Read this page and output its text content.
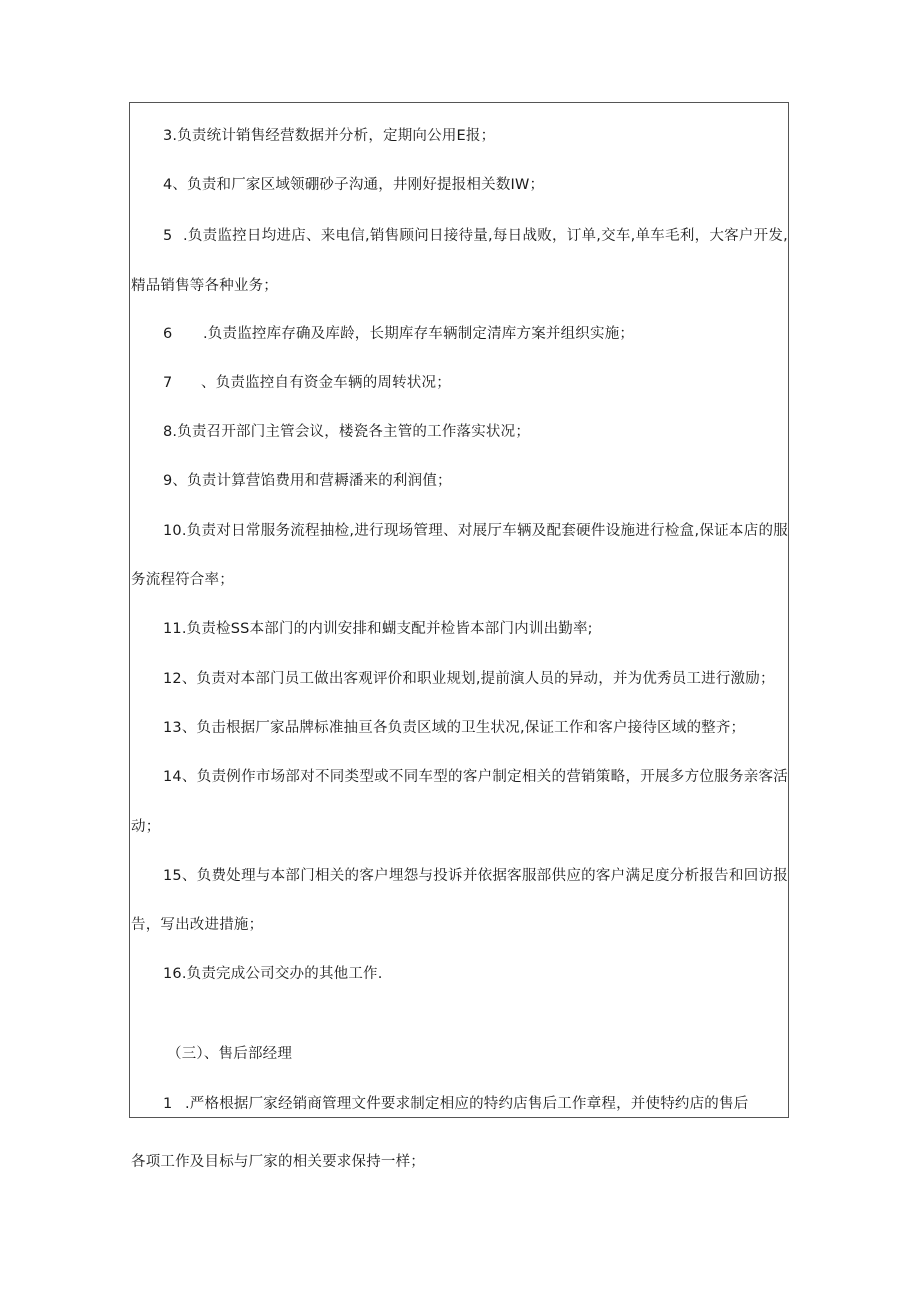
3.负责统计销售经营数据并分析，定期向公用E报；
4、负责和厂家区域领硼砂子沟通，井刚好提报相关数IW；
5 .负责监控日均进店、来电信,销售顾问日接待量,每日战败，订单,交车,单车毛利，大客户开发,
精品销售等各种业务；
6 .负责监控库存确及库龄，长期库存车辆制定清库方案并组织实施；
7 、负责监控自有资金车辆的周转状况；
8.负责召开部门主管会议，楼瓷各主管的工作落实状况；
9、负责计算营馅费用和营耨潘来的利润值；
10.负责对日常服务流程抽检,进行现场管理、对展厅车辆及配套硬件设施进行检盒,保证本店的服
务流程符合率；
11.负责检SS本部门的内训安排和蝴支配并检皆本部门内训出勤率;
12、负责对本部门员工做出客观评价和职业规划,提前演人员的异动，并为优秀员工进行激励；
13、负击根据厂家品牌标准抽亘各负责区域的卫生状况,保证工作和客户接待区域的整齐；
14、负责例作市场部对不同类型或不同车型的客户制定相关的营销策略，开展多方位服务亲客活
动；
15、负费处理与本部门相关的客户埋怨与投诉并依据客服部供应的客户满足度分析报告和回访报
告，写出改进措施；
16.负责完成公司交办的其他工作.
（三）、售后部经理
1 .严格根据厂家经销商管理文件要求制定相应的特约店售后工作章程，并使特约店的售后
各项工作及目标与厂家的相关要求保持一样；
